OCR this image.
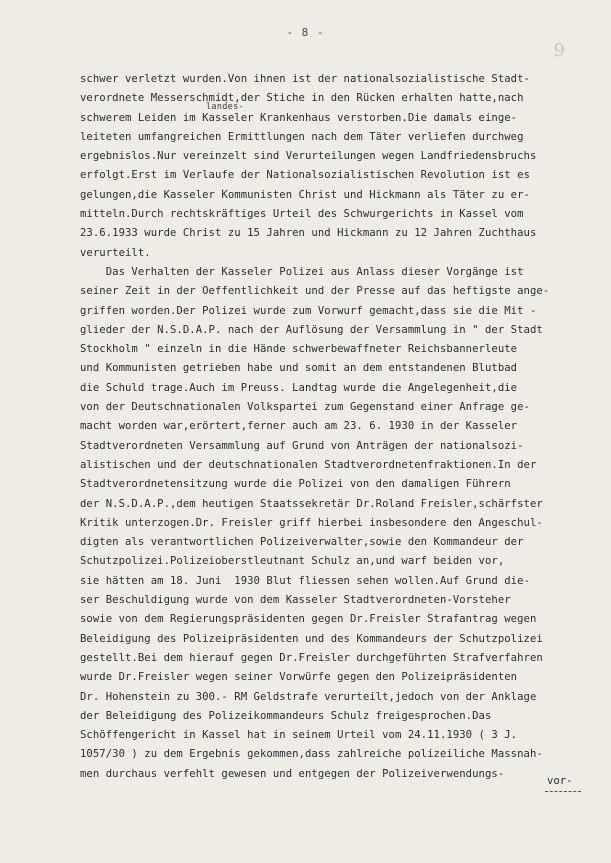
- 8 -
9
landes-
schwer verletzt wurden.Von ihnen ist der nationalsozialistische Stadt-
verordnete Messerschmidt,der Stiche in den Rücken erhalten hatte,nach
schwerem Leiden im Kasseler Krankenhaus verstorben.Die damals einge-
leiteten umfangreichen Ermittlungen nach dem Täter verliefen durchweg
ergebnislos.Nur vereinzelt sind Verurteilungen wegen Landfriedensbruchs
erfolgt.Erst im Verlaufe der Nationalsozialistischen Revolution ist es
gelungen,die Kasseler Kommunisten Christ und Hickmann als Täter zu er-
mitteln.Durch rechtskräftiges Urteil des Schwurgerichts in Kassel vom
23.6.1933 wurde Christ zu 15 Jahren und Hickmann zu 12 Jahren Zuchthaus
verurteilt.
Das Verhalten der Kasseler Polizei aus Anlass dieser Vorgänge ist
seiner Zeit in der Oeffentlichkeit und der Presse auf das heftigste ange-
griffen worden.Der Polizei wurde zum Vorwurf gemacht,dass sie die Mit -
glieder der N.S.D.A.P. nach der Auflösung der Versammlung in " der Stadt
Stockholm " einzeln in die Hände schwerbewaffneter Reichsbannerleute
und Kommunisten getrieben habe und somit an dem entstandenen Blutbad
die Schuld trage.Auch im Preuss. Landtag wurde die Angelegenheit,die
von der Deutschnationalen Volkspartei zum Gegenstand einer Anfrage ge-
macht worden war,erörtert,ferner auch am 23. 6. 1930 in der Kasseler
Stadtverordneten Versammlung auf Grund von Anträgen der nationalsozi-
alistischen und der deutschnationalen Stadtverordnetenfraktionen.In der
Stadtverordnetensitzung wurde die Polizei von den damaligen Führern
der N.S.D.A.P.,dem heutigen Staatssekretär Dr.Roland Freisler,schärfster
Kritik unterzogen.Dr. Freisler griff hierbei insbesondere den Angeschul-
digten als verantwortlichen Polizeiverwalter,sowie den Kommandeur der
Schutzpolizei.Polizeioberstleutnant Schulz an,und warf beiden vor,
sie hätten am 18. Juni  1930 Blut fliessen sehen wollen.Auf Grund die-
ser Beschuldigung wurde von dem Kasseler Stadtverordneten-Vorsteher
sowie von dem Regierungspräsidenten gegen Dr.Freisler Strafantrag wegen
Beleidigung des Polizeipräsidenten und des Kommandeurs der Schutzpolizei
gestellt.Bei dem hierauf gegen Dr.Freisler durchgeführten Strafverfahren
wurde Dr.Freisler wegen seiner Vorwürfe gegen den Polizeipräsidenten
Dr. Hohenstein zu 300.- RM Geldstrafe verurteilt,jedoch von der Anklage
der Beleidigung des Polizeikommandeurs Schulz freigesprochen.Das
Schöffengericht in Kassel hat in seinem Urteil vom 24.11.1930 ( 3 J.
1057/30 ) zu dem Ergebnis gekommen,dass zahlreiche polizeiliche Massnah-
men durchaus verfehlt gewesen und entgegen der Polizeiverwendungs-
vor-
